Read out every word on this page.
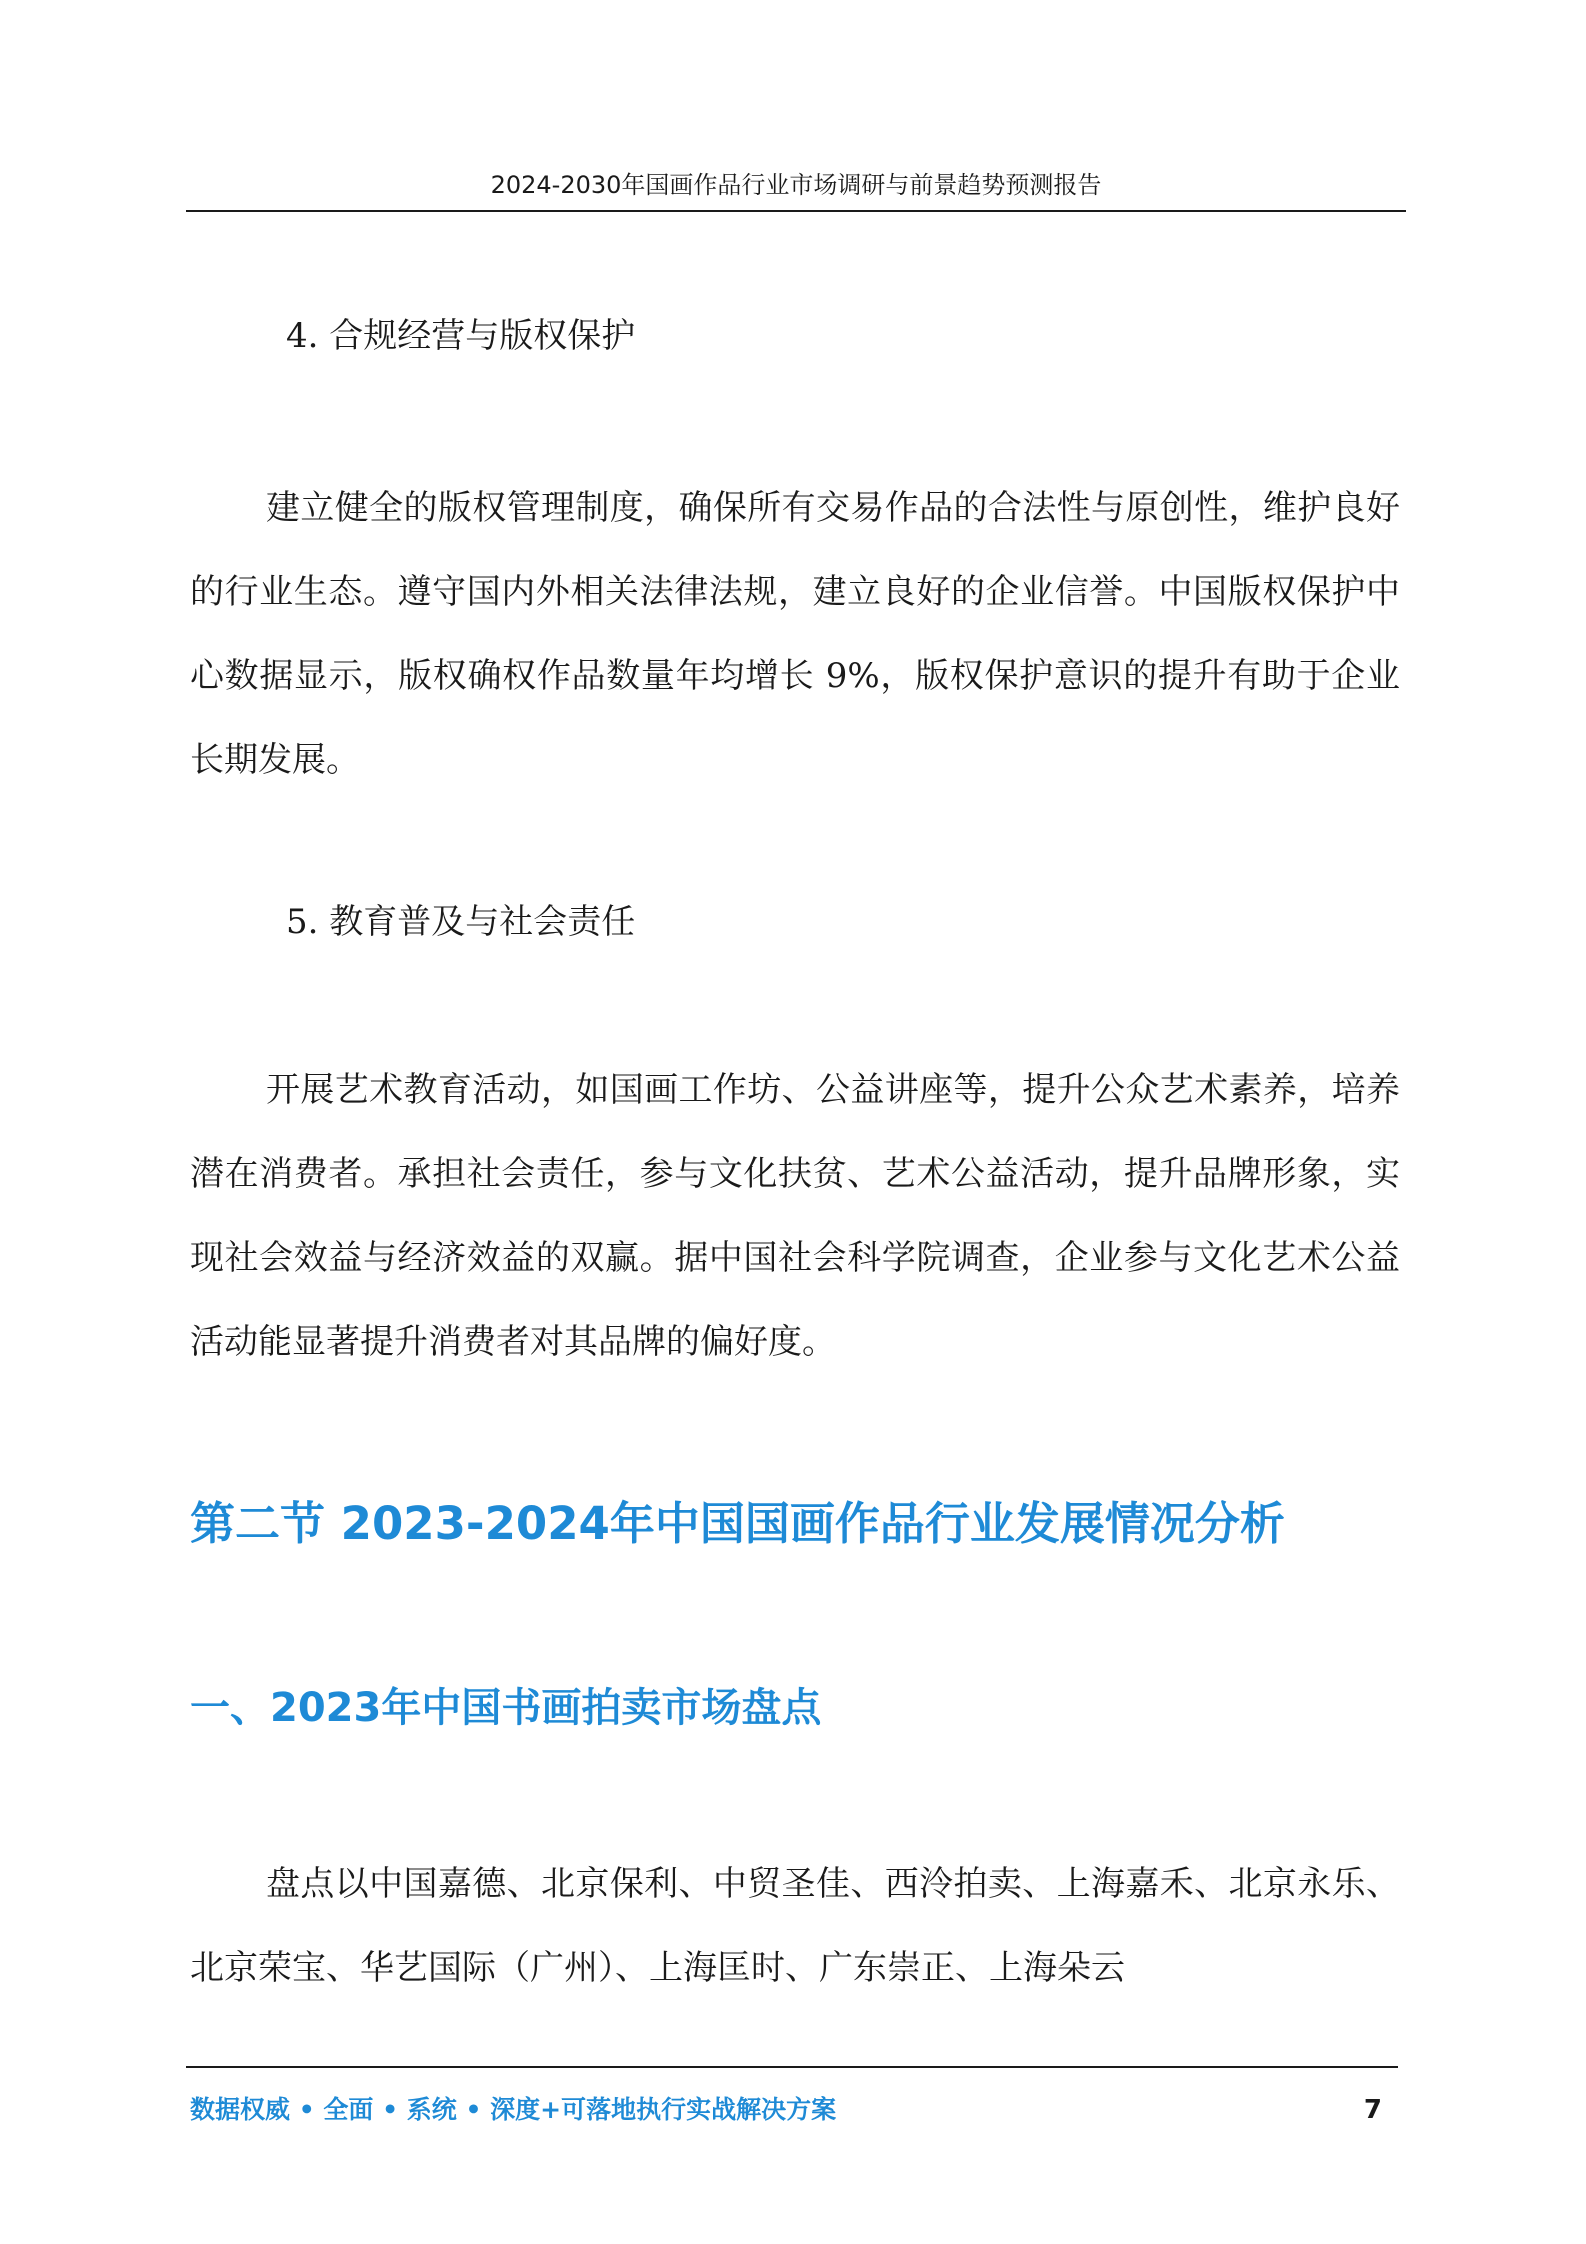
2024-2030年国画作品行业市场调研与前景趋势预测报告
4. 合规经营与版权保护
建立健全的版权管理制度，确保所有交易作品的合法性与原创性，维护良好的行业生态。遵守国内外相关法律法规，建立良好的企业信誉。中国版权保护中心数据显示，版权确权作品数量年均增长 9%，版权保护意识的提升有助于企业长期发展。
5. 教育普及与社会责任
开展艺术教育活动，如国画工作坊、公益讲座等，提升公众艺术素养，培养潜在消费者。承担社会责任，参与文化扶贫、艺术公益活动，提升品牌形象，实现社会效益与经济效益的双赢。据中国社会科学院调查，企业参与文化艺术公益活动能显著提升消费者对其品牌的偏好度。
第二节 2023-2024年中国国画作品行业发展情况分析
一、2023年中国书画拍卖市场盘点
盘点以中国嘉德、北京保利、中贸圣佳、西泠拍卖、上海嘉禾、北京永乐、北京荣宝、华艺国际（广州）、上海匡时、广东崇正、上海朵云
数据权威 • 全面 • 系统 • 深度+可落地执行实战解决方案	7
